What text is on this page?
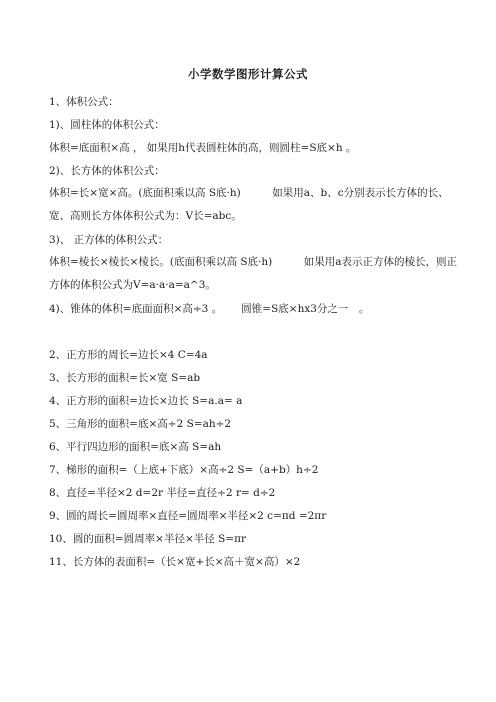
小学数学图形计算公式
1、体积公式：
1)、圆柱体的体积公式：
体积=底面积×高 ， 如果用h代表圆柱体的高，则圆柱=S底×h 。
2)、长方体的体积公式：
体积=长×宽×高。(底面积乘以高 S底·h)　　　如果用a、b、c分别表示长方体的长、宽、高则长方体体积公式为：V长=abc。
3)、 正方体的体积公式：
体积=棱长×棱长×棱长。(底面积乘以高 S底·h)　　　如果用a表示正方体的棱长，则正方体的体积公式为V=a·a·a=a^3。
4)、锥体的体积=底面面积×高÷3 。　　 圆锥=S底×hx3分之一　。
2、正方形的周长=边长×4 C=4a
3、长方形的面积=长×宽 S=ab
4、正方形的面积=边长×边长 S=a.a= a
5、三角形的面积=底×高÷2 S=ah÷2
6、平行四边形的面积=底×高 S=ah
7、梯形的面积=（上底+下底）×高÷2 S=（a+b）h÷2
8、直径=半径×2 d=2r 半径=直径÷2 r= d÷2
9、圆的周长=圆周率×直径=圆周率×半径×2 c=πd =2πr
10、圆的面积=圆周率×半径×半径 S=πr
11、长方体的表面积=（长×宽+长×高＋宽×高）×2
